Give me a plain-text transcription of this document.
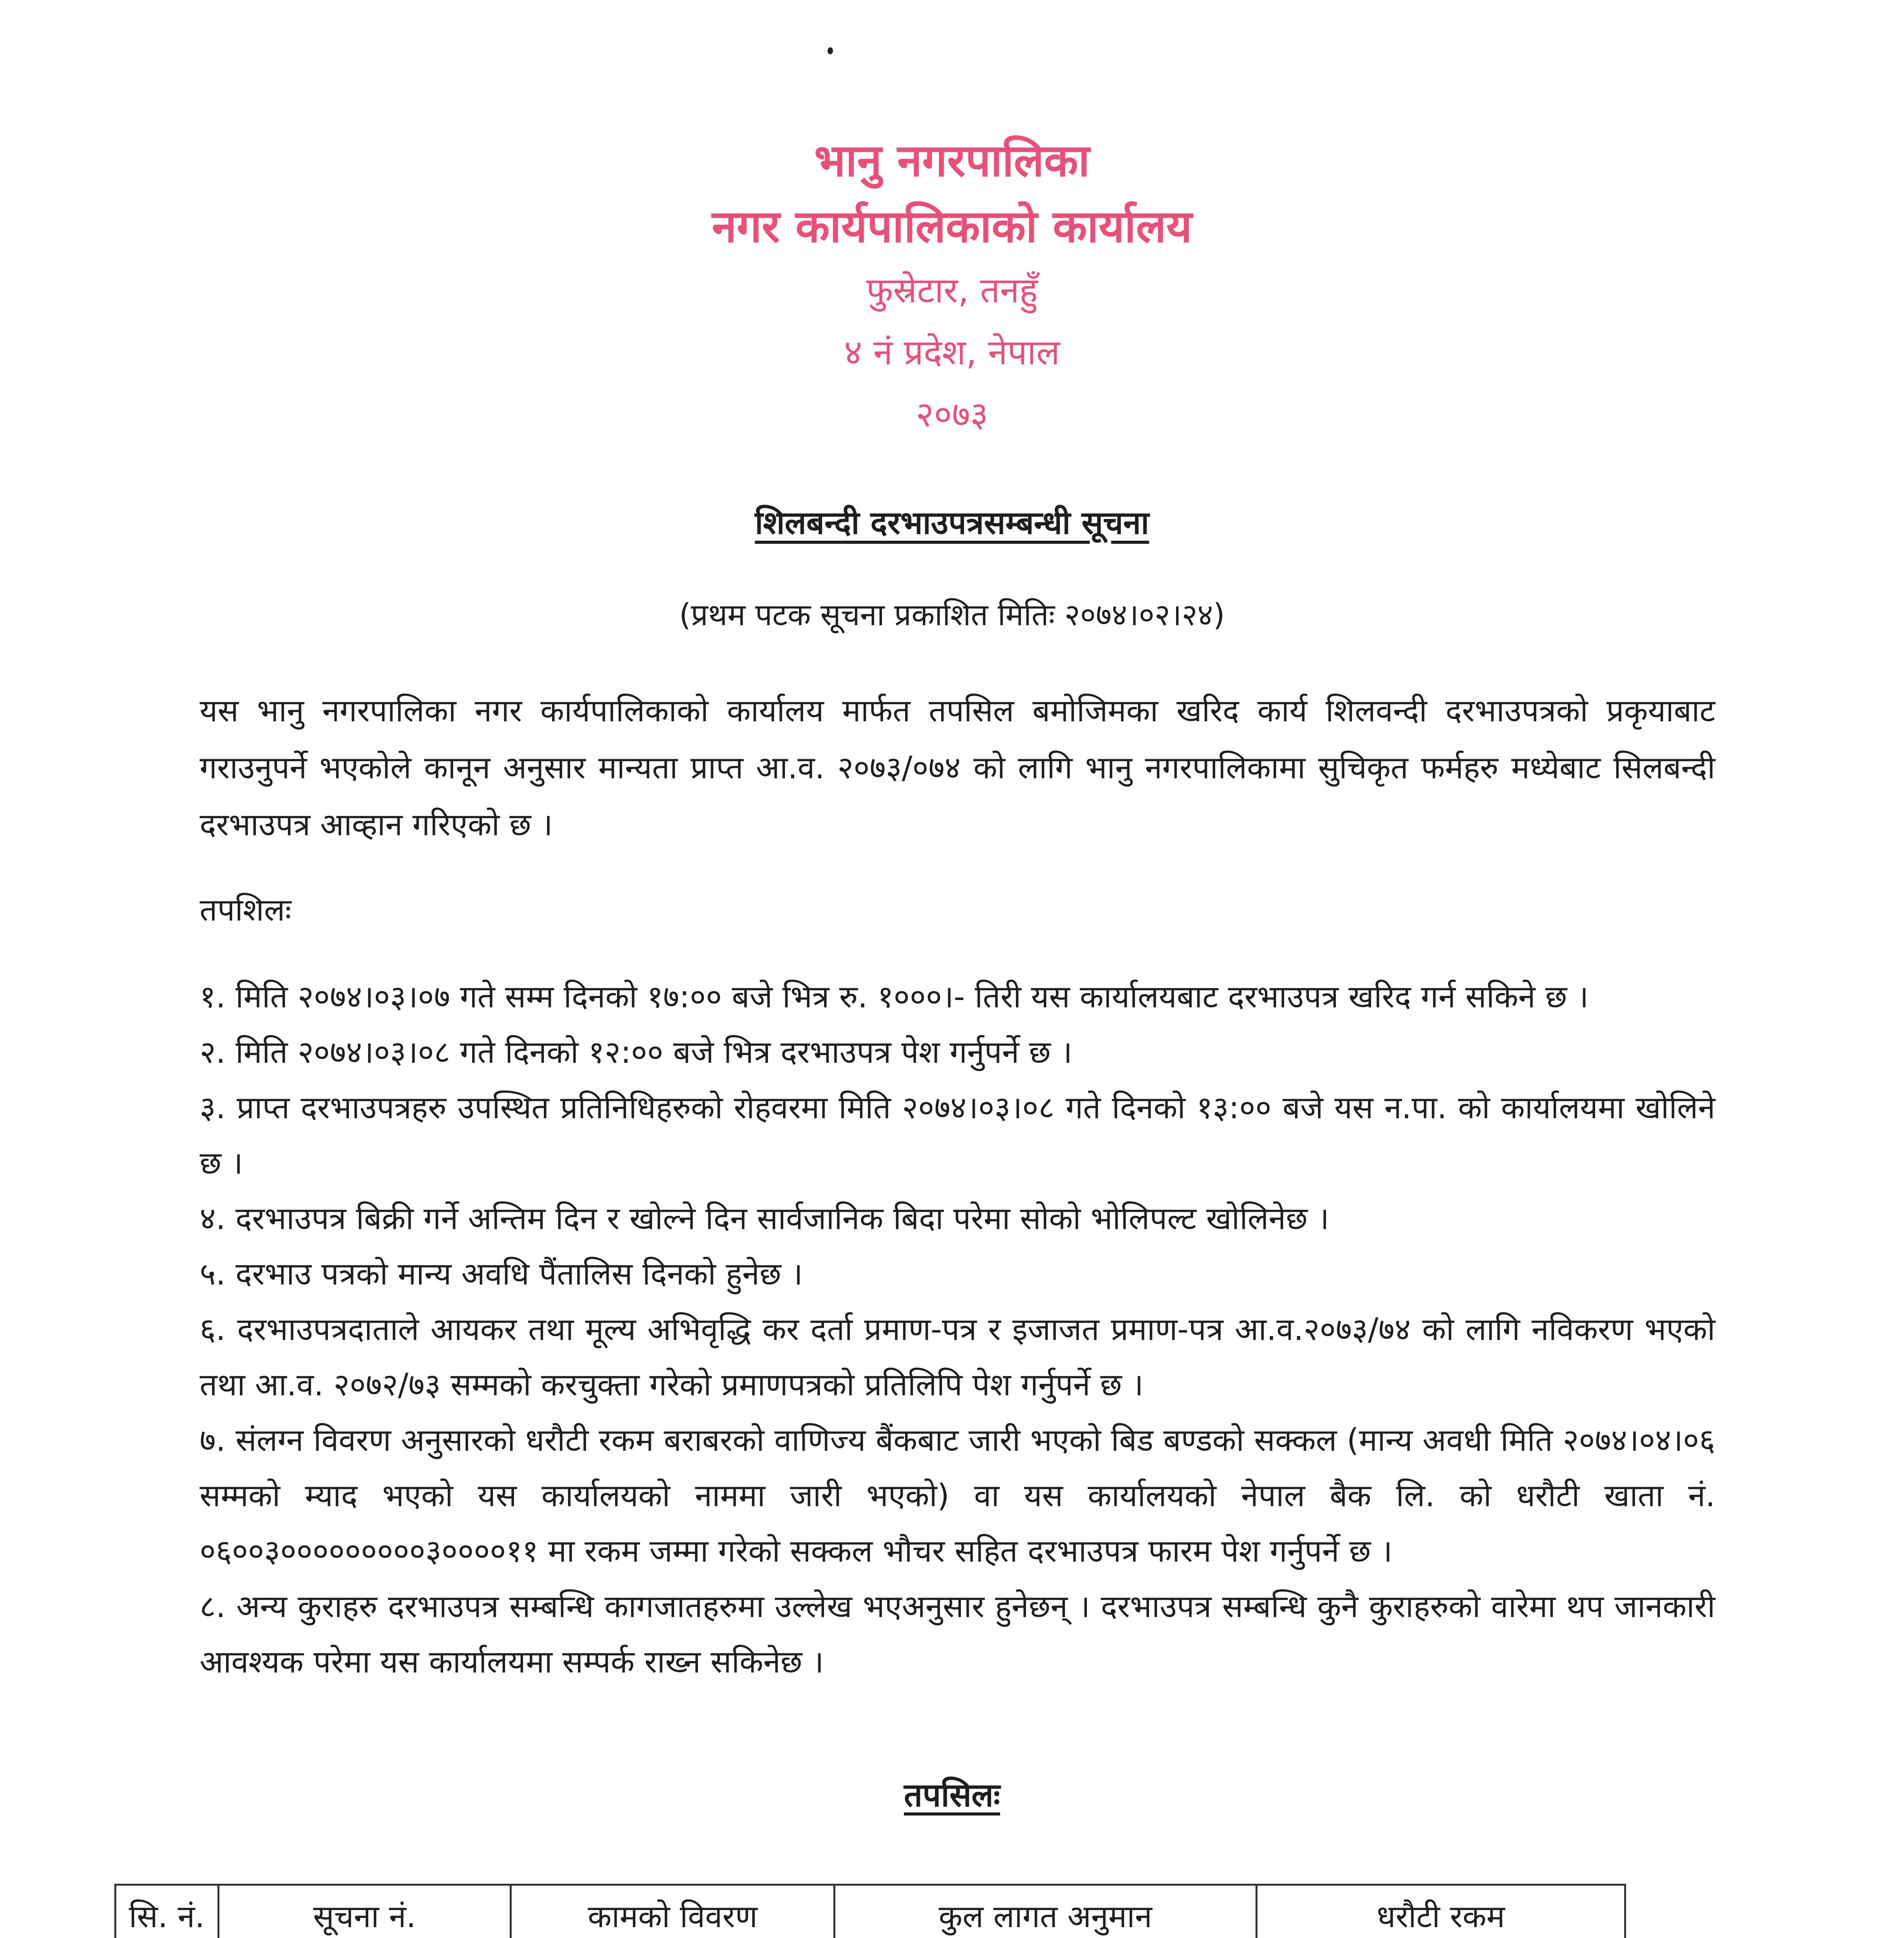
भानु नगरपालिका
नगर कार्यपालिकाको कार्यालय
फुस्रेटार, तनहुँ
४ नं प्रदेश, नेपाल
२०७३
शिलबन्दी दरभाउपत्रसम्बन्धी सूचना
(प्रथम पटक सूचना प्रकाशित मितिः २०७४।०२।२४)
यस भानु नगरपालिका नगर कार्यपालिकाको कार्यालय मार्फत तपसिल बमोजिमका खरिद कार्य शिलवन्दी दरभाउपत्रको प्रकृयाबाट गराउनुपर्ने भएकोले कानून अनुसार मान्यता प्राप्त आ.व. २०७३/०७४ को लागि भानु नगरपालिकामा सुचिकृत फर्महरु मध्येबाट सिलबन्दी दरभाउपत्र आव्हान गरिएको छ ।
तपशिलः
१. मिति २०७४।०३।०७ गते सम्म दिनको १७:०० बजे भित्र रु. १०००।- तिरी यस कार्यालयबाट दरभाउपत्र खरिद गर्न सकिने छ ।
२. मिति २०७४।०३।०८ गते दिनको १२:०० बजे भित्र दरभाउपत्र पेश गर्नुपर्ने छ ।
३. प्राप्त दरभाउपत्रहरु उपस्थित प्रतिनिधिहरुको रोहवरमा मिति २०७४।०३।०८ गते दिनको १३:०० बजे यस न.पा. को कार्यालयमा खोलिने छ ।
४. दरभाउपत्र बिक्री गर्ने अन्तिम दिन र खोल्ने दिन सार्वजानिक बिदा परेमा सोको भोलिपल्ट खोलिनेछ ।
५. दरभाउ पत्रको मान्य अवधि पैंतालिस दिनको हुनेछ ।
६. दरभाउपत्रदाताले आयकर तथा मूल्य अभिवृद्धि कर दर्ता प्रमाण-पत्र र इजाजत प्रमाण-पत्र आ.व.२०७३/७४ को लागि नविकरण भएको तथा आ.व. २०७२/७३ सम्मको करचुक्ता गरेको प्रमाणपत्रको प्रतिलिपि पेश गर्नुपर्ने छ ।
७. संलग्न विवरण अनुसारको धरौटी रकम बराबरको वाणिज्य बैंकबाट जारी भएको बिड बण्डको सक्कल (मान्य अवधी मिति २०७४।०४।०६ सम्मको म्याद भएको यस कार्यालयको नाममा जारी भएको) वा यस कार्यालयको नेपाल बैक लि. को धरौटी खाता नं. ०६००३०००००००००३००००११ मा रकम जम्मा गरेको सक्कल भौचर सहित दरभाउपत्र फारम पेश गर्नुपर्ने छ ।
८. अन्य कुराहरु दरभाउपत्र सम्बन्धि कागजातहरुमा उल्लेख भएअनुसार हुनेछन् । दरभाउपत्र सम्बन्धि कुनै कुराहरुको वारेमा थप जानकारी आवश्यक परेमा यस कार्यालयमा सम्पर्क राख्न सकिनेछ ।
तपसिलः
सि. नं.	सूचना नं.	कामको विवरण	कुल लागत अनुमान	धरौटी रकम
